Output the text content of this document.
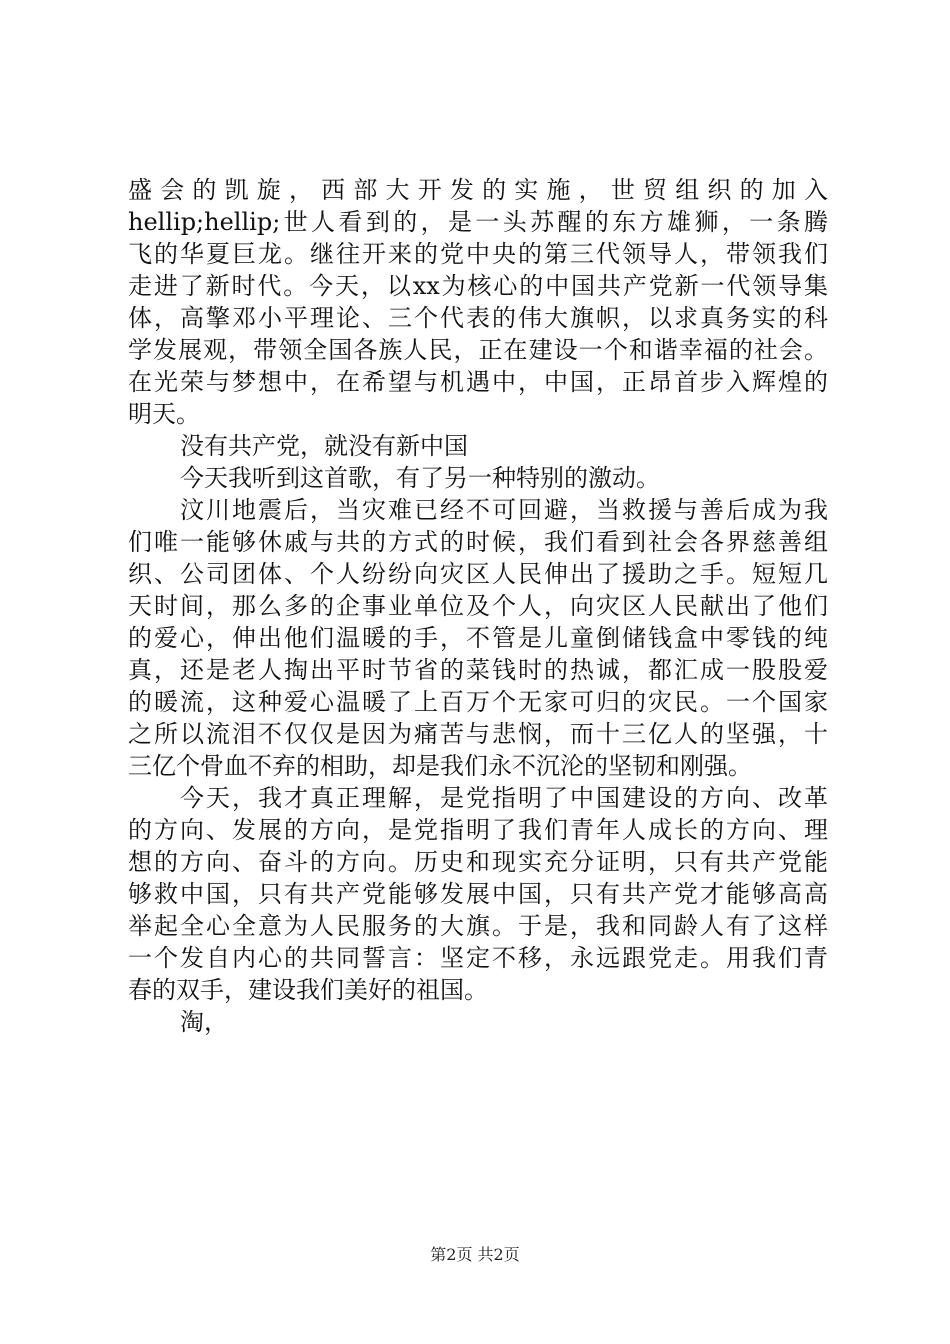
盛会的凯旋，西部大开发的实施，世贸组织的加入
hellip;hellip;世人看到的，是一头苏醒的东方雄狮，一条腾
飞的华夏巨龙。继往开来的党中央的第三代领导人，带领我们
走进了新时代。今天，以xx为核心的中国共产党新一代领导集
体，高擎邓小平理论、三个代表的伟大旗帜，以求真务实的科
学发展观，带领全国各族人民，正在建设一个和谐幸福的社会。
在光荣与梦想中，在希望与机遇中，中国，正昂首步入辉煌的
明天。
没有共产党，就没有新中国
今天我听到这首歌，有了另一种特别的激动。
汶川地震后，当灾难已经不可回避，当救援与善后成为我
们唯一能够休戚与共的方式的时候，我们看到社会各界慈善组
织、公司团体、个人纷纷向灾区人民伸出了援助之手。短短几
天时间，那么多的企事业单位及个人，向灾区人民献出了他们
的爱心，伸出他们温暖的手，不管是儿童倒储钱盒中零钱的纯
真，还是老人掏出平时节省的菜钱时的热诚，都汇成一股股爱
的暖流，这种爱心温暖了上百万个无家可归的灾民。一个国家
之所以流泪不仅仅是因为痛苦与悲悯，而十三亿人的坚强，十
三亿个骨血不弃的相助，却是我们永不沉沦的坚韧和刚强。
今天，我才真正理解，是党指明了中国建设的方向、改革
的方向、发展的方向，是党指明了我们青年人成长的方向、理
想的方向、奋斗的方向。历史和现实充分证明，只有共产党能
够救中国，只有共产党能够发展中国，只有共产党才能够高高
举起全心全意为人民服务的大旗。于是，我和同龄人有了这样
一个发自内心的共同誓言：坚定不移，永远跟党走。用我们青
春的双手，建设我们美好的祖国。
淘，
第2页 共2页
